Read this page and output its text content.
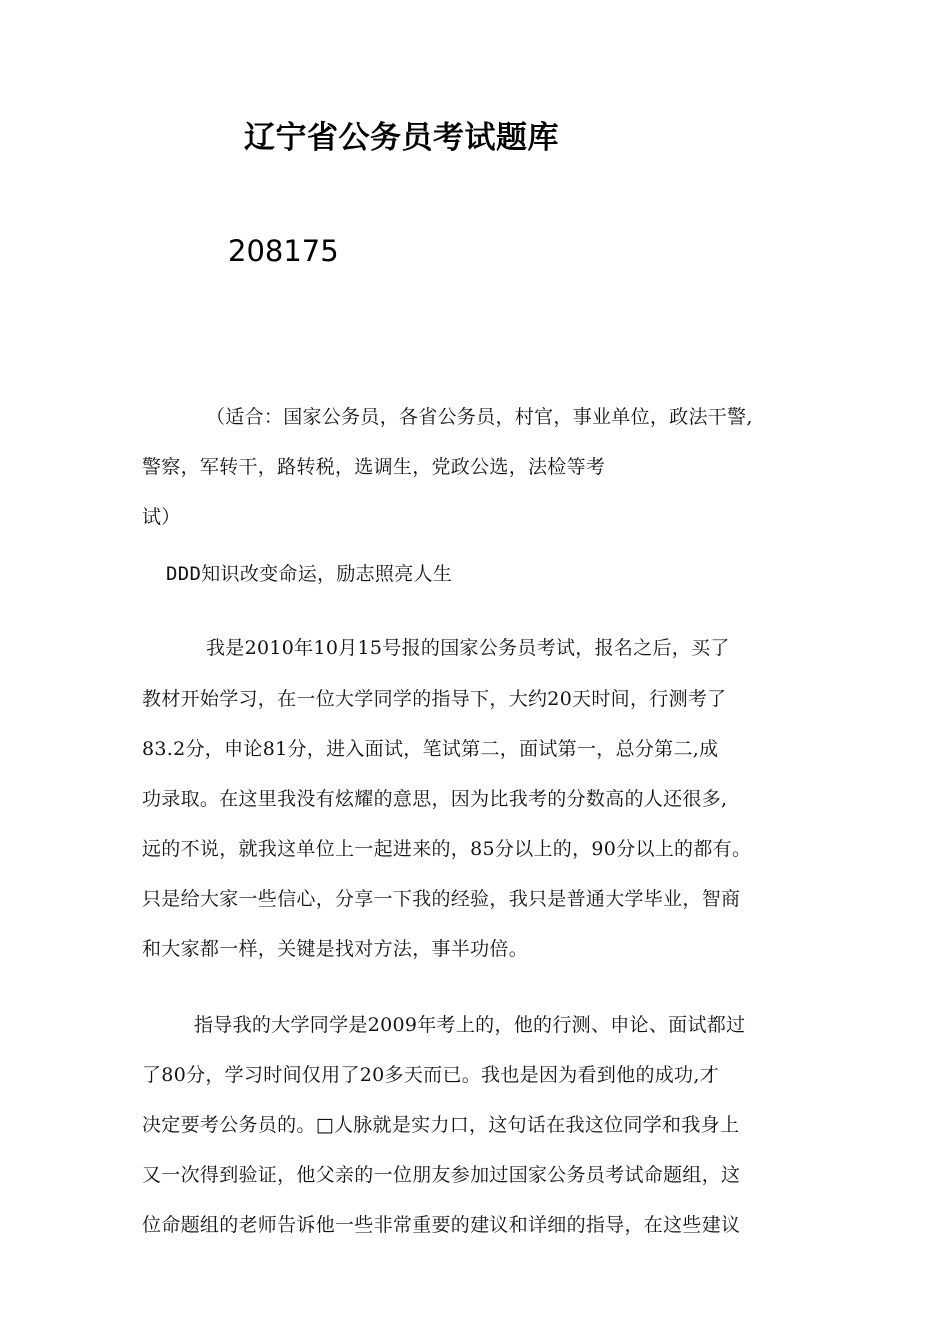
辽宁省公务员考试题库
208175
（适合：国家公务员，各省公务员，村官，事业单位，政法干警,
警察，军转干，路转税，选调生，党政公选，法检等考
试）
DDD知识改变命运，励志照亮人生
我是2010年10月15号报的国家公务员考试，报名之后，买了
教材开始学习，在一位大学同学的指导下，大约20天时间，行测考了
83.2分，申论81分，进入面试，笔试第二，面试第一，总分第二,成
功录取。在这里我没有炫耀的意思，因为比我考的分数高的人还很多,
远的不说，就我这单位上一起进来的，85分以上的，90分以上的都有。
只是给大家一些信心，分享一下我的经验，我只是普通大学毕业，智商
和大家都一样，关键是找对方法，事半功倍。
指导我的大学同学是2009年考上的，他的行测、申论、面试都过
了80分，学习时间仅用了20多天而已。我也是因为看到他的成功,才
决定要考公务员的。□人脉就是实力口，这句话在我这位同学和我身上
又一次得到验证，他父亲的一位朋友参加过国家公务员考试命题组，这
位命题组的老师告诉他一些非常重要的建议和详细的指导，在这些建议
